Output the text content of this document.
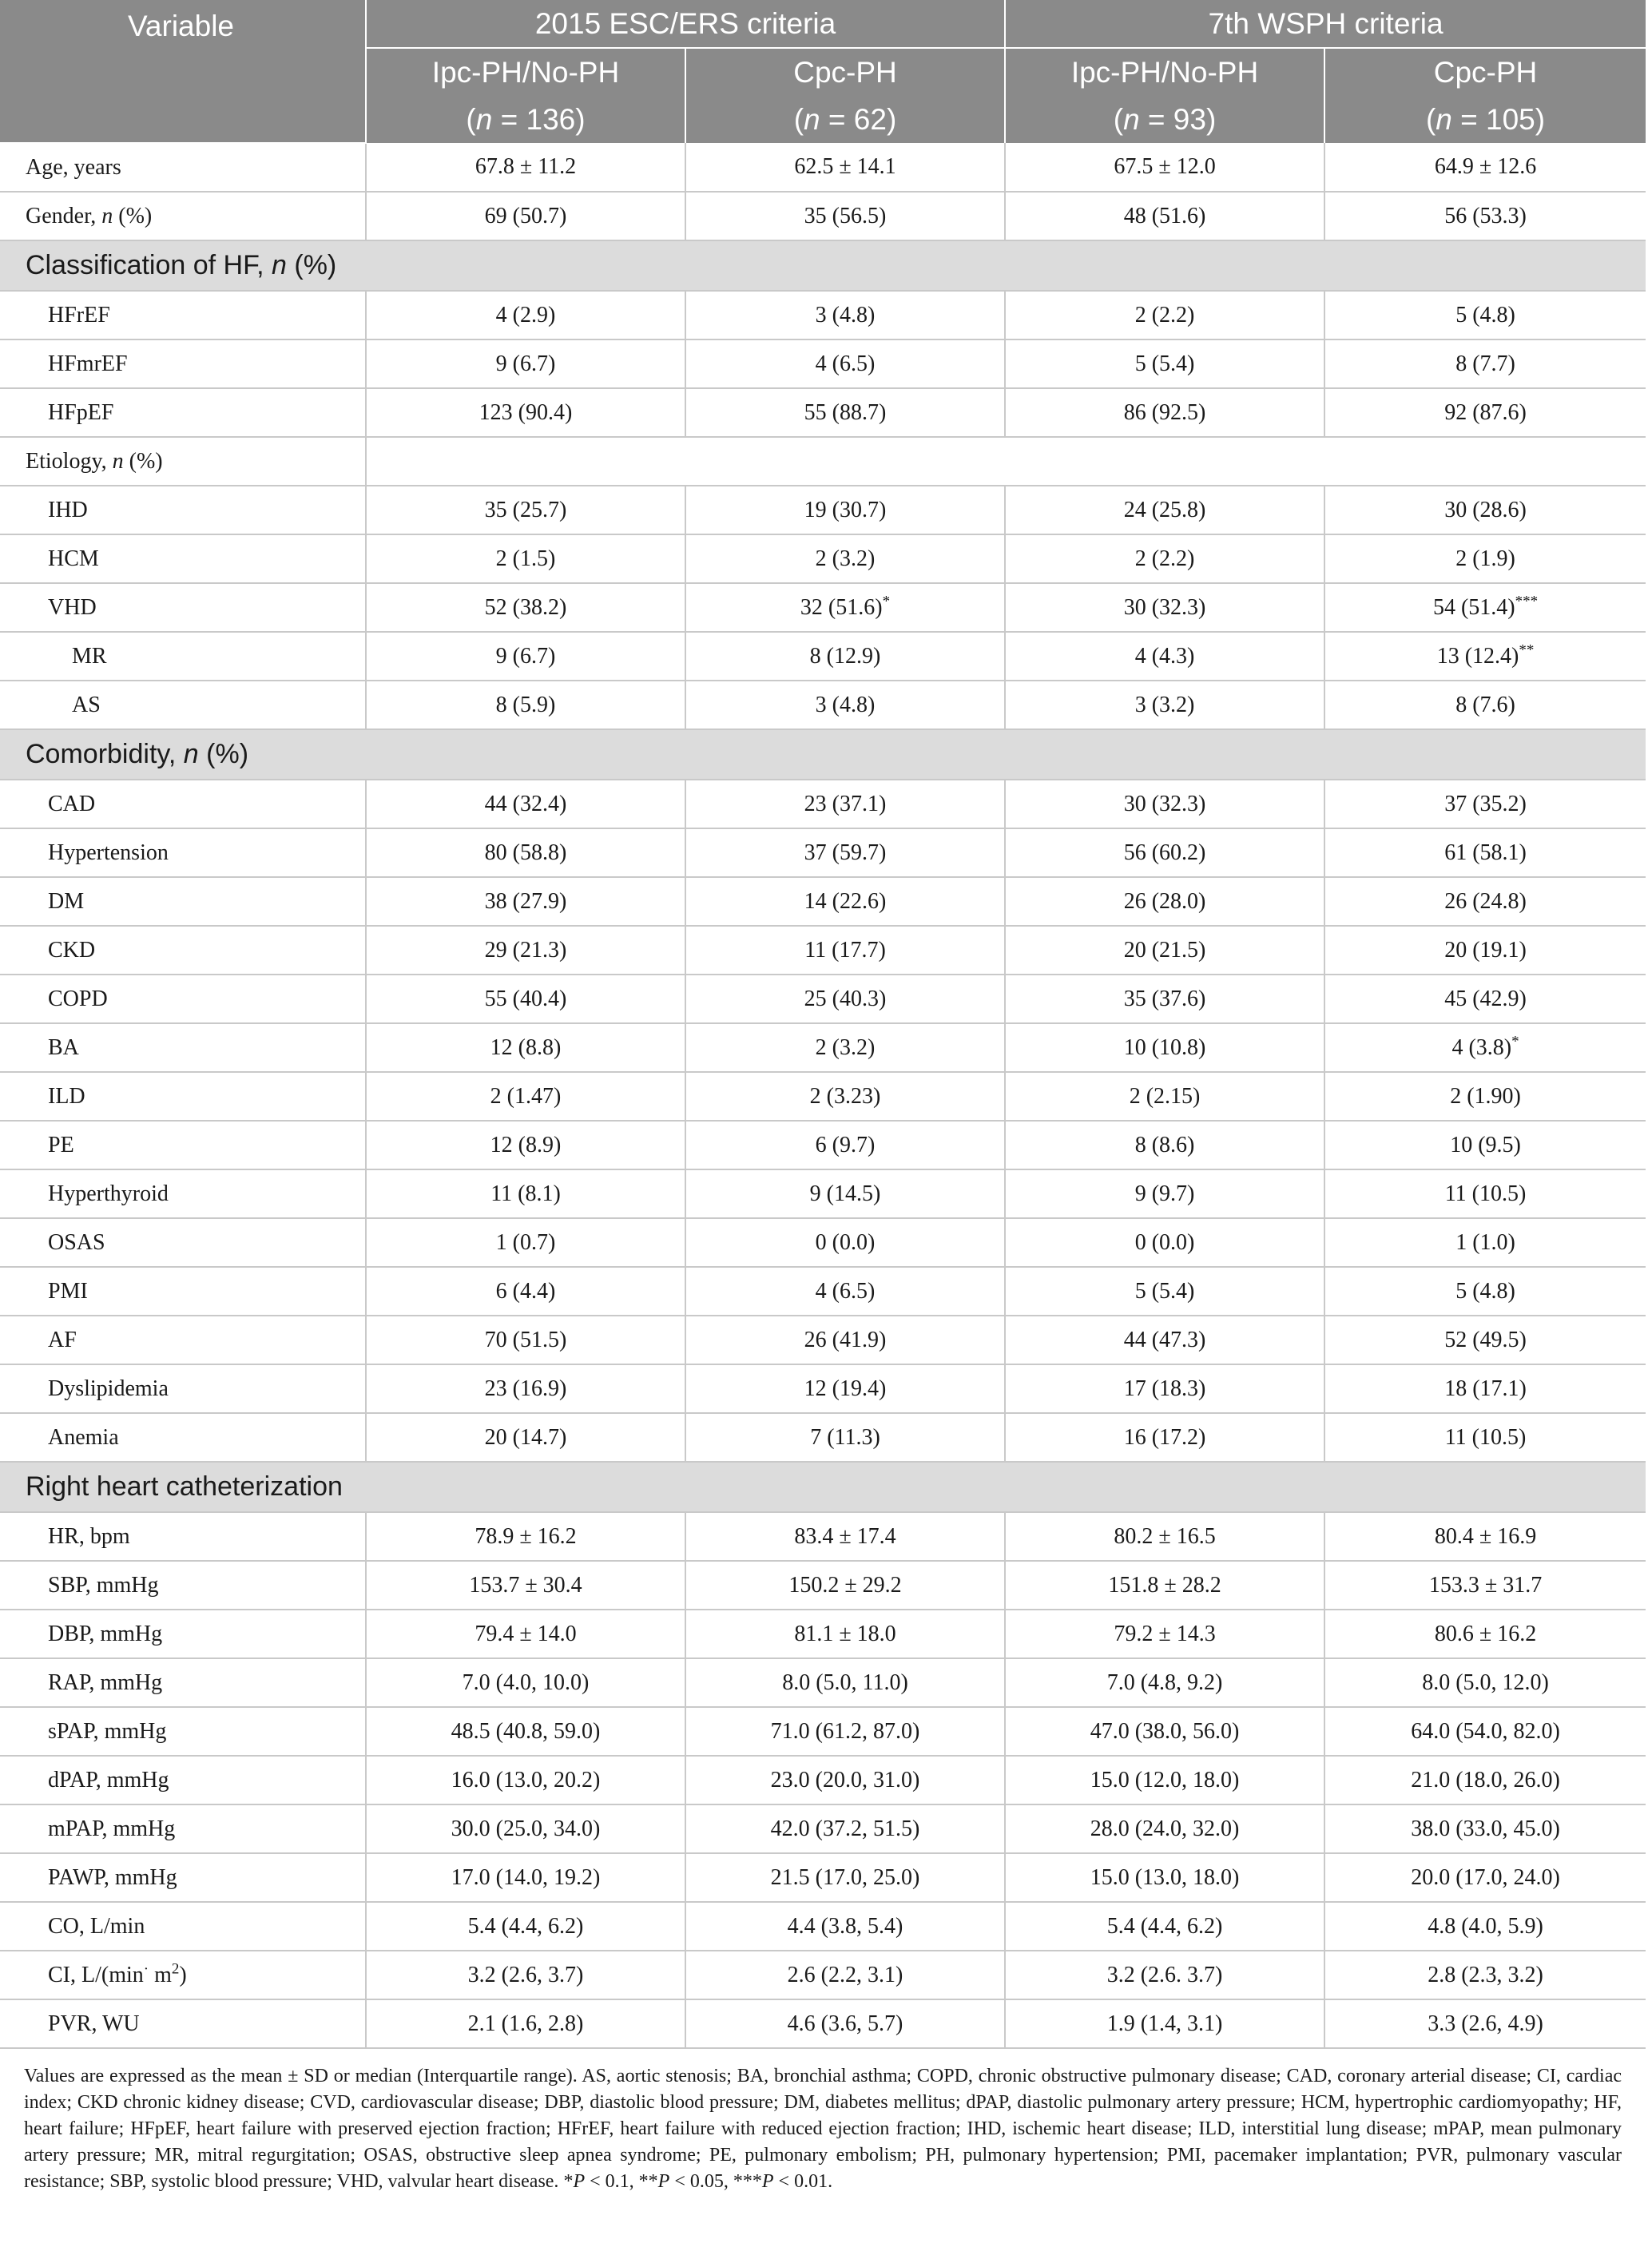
Variable	2015 ESC/ERS criteria		7th WSPH criteria	
	Ipc-PH/No-PH	Cpc-PH	Ipc-PH/No-PH	Cpc-PH
	(n = 136)	(n = 62)	(n = 93)	(n = 105)
Age, years	67.8 ± 11.2	62.5 ± 14.1	67.5 ± 12.0	64.9 ± 12.6
Gender, n (%)	69 (50.7)	35 (56.5)	48 (51.6)	56 (53.3)
Classification of HF, n (%)				
HFrEF	4 (2.9)	3 (4.8)	2 (2.2)	5 (4.8)
HFmrEF	9 (6.7)	4 (6.5)	5 (5.4)	8 (7.7)
HFpEF	123 (90.4)	55 (88.7)	86 (92.5)	92 (87.6)
Etiology, n (%)				
IHD	35 (25.7)	19 (30.7)	24 (25.8)	30 (28.6)
HCM	2 (1.5)	2 (3.2)	2 (2.2)	2 (1.9)
VHD	52 (38.2)	32 (51.6)*	30 (32.3)	54 (51.4)***
MR	9 (6.7)	8 (12.9)	4 (4.3)	13 (12.4)**
AS	8 (5.9)	3 (4.8)	3 (3.2)	8 (7.6)
Comorbidity, n (%)				
CAD	44 (32.4)	23 (37.1)	30 (32.3)	37 (35.2)
Hypertension	80 (58.8)	37 (59.7)	56 (60.2)	61 (58.1)
DM	38 (27.9)	14 (22.6)	26 (28.0)	26 (24.8)
CKD	29 (21.3)	11 (17.7)	20 (21.5)	20 (19.1)
COPD	55 (40.4)	25 (40.3)	35 (37.6)	45 (42.9)
BA	12 (8.8)	2 (3.2)	10 (10.8)	4 (3.8)*
ILD	2 (1.47)	2 (3.23)	2 (2.15)	2 (1.90)
PE	12 (8.9)	6 (9.7)	8 (8.6)	10 (9.5)
Hyperthyroid	11 (8.1)	9 (14.5)	9 (9.7)	11 (10.5)
OSAS	1 (0.7)	0 (0.0)	0 (0.0)	1 (1.0)
PMI	6 (4.4)	4 (6.5)	5 (5.4)	5 (4.8)
AF	70 (51.5)	26 (41.9)	44 (47.3)	52 (49.5)
Dyslipidemia	23 (16.9)	12 (19.4)	17 (18.3)	18 (17.1)
Anemia	20 (14.7)	7 (11.3)	16 (17.2)	11 (10.5)
Right heart catheterization				
HR, bpm	78.9 ± 16.2	83.4 ± 17.4	80.2 ± 16.5	80.4 ± 16.9
SBP, mmHg	153.7 ± 30.4	150.2 ± 29.2	151.8 ± 28.2	153.3 ± 31.7
DBP, mmHg	79.4 ± 14.0	81.1 ± 18.0	79.2 ± 14.3	80.6 ± 16.2
RAP, mmHg	7.0 (4.0, 10.0)	8.0 (5.0, 11.0)	7.0 (4.8, 9.2)	8.0 (5.0, 12.0)
sPAP, mmHg	48.5 (40.8, 59.0)	71.0 (61.2, 87.0)	47.0 (38.0, 56.0)	64.0 (54.0, 82.0)
dPAP, mmHg	16.0 (13.0, 20.2)	23.0 (20.0, 31.0)	15.0 (12.0, 18.0)	21.0 (18.0, 26.0)
mPAP, mmHg	30.0 (25.0, 34.0)	42.0 (37.2, 51.5)	28.0 (24.0, 32.0)	38.0 (33.0, 45.0)
PAWP, mmHg	17.0 (14.0, 19.2)	21.5 (17.0, 25.0)	15.0 (13.0, 18.0)	20.0 (17.0, 24.0)
CO, L/min	5.4 (4.4, 6.2)	4.4 (3.8, 5.4)	5.4 (4.4, 6.2)	4.8 (4.0, 5.9)
CI, L/(min· $m^2$)	3.2 (2.6, 3.7)	2.6 (2.2, 3.1)	3.2 (2.6. 3.7)	2.8 (2.3, 3.2)
PVR, WU	2.1 (1.6, 2.8)	4.6 (3.6, 5.7)	1.9 (1.4, 3.1)	3.3 (2.6, 4.9)
Values are expressed as the mean ± SD or median (Interquartile range). AS, aortic stenosis; BA, bronchial asthma; COPD, chronic obstructive pulmonary disease; CAD, coronary arterial disease; CI, cardiac index; CKD chronic kidney disease; CVD, cardiovascular disease; DBP, diastolic blood pressure; DM, diabetes mellitus; dPAP, diastolic pulmonary artery pressure; HCM, hypertrophic cardiomyopathy; HF, heart failure; HFpEF, heart failure with preserved ejection fraction; HFrEF, heart failure with reduced ejection fraction; IHD, ischemic heart disease; ILD, interstitial lung disease; mPAP, mean pulmonary artery pressure; MR, mitral regurgitation; OSAS, obstructive sleep apnea syndrome; PE, pulmonary embolism; PH, pulmonary hypertension; PMI, pacemaker implantation; PVR, pulmonary vascular resistance; SBP, systolic blood pressure; VHD, valvular heart disease. *P < 0.1, **P < 0.05, ***P < 0.01.
